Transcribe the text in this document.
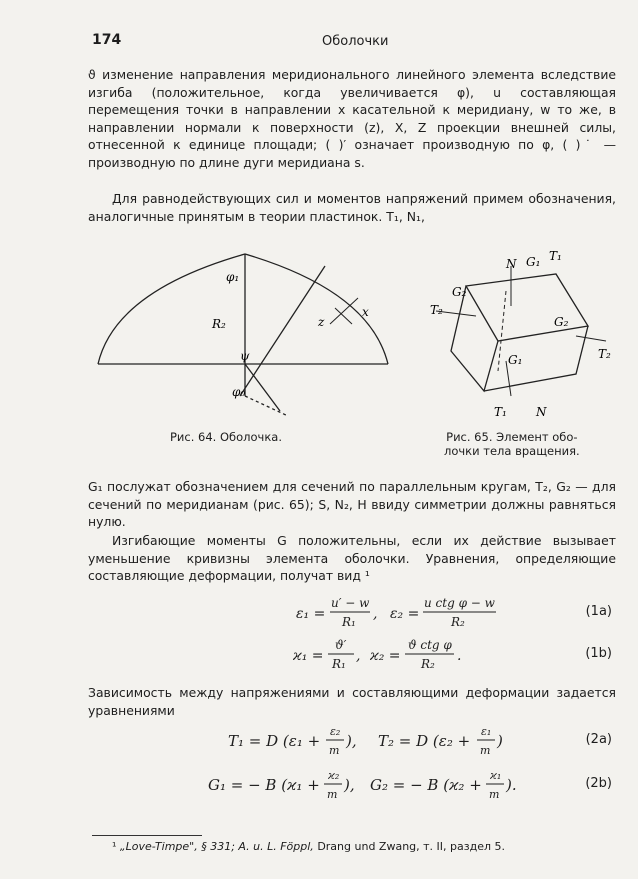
174	Оболочки

ϑ изменение направления меридионального линейного элемента вследствие изгиба (положительное, когда увеличивается φ), u составляющая перемещения точки в направлении x касательной к меридиану, w то же, в направлении нормали к поверхности (z), X, Z проекции внешней силы, отнесенной к единице площади; ( )′ означает производную по φ, ( )˙ — производную по длине дуги меридиана s.

Для равнодействующих сил и моментов напряжений примем обозначения, аналогичные принятым в теории пластинок. T₁, N₁,

φ₁
R₂	z
x
ψ
φ₀
Рис. 64. Оболочка.
N G₁ T₁
G₂
T₂
G₂
T₂
G₁
T₁ N
Рис. 65. Элемент обо-
лочки тела вращения.

G₁ послужат обозначением для сечений по параллельным кругам, T₂, G₂ — для сечений по меридианам (рис. 65); S, N₂, H ввиду симметрии должны равняться нулю.

Изгибающие моменты G положительны, если их действие вызывает уменьшение кривизны элемента оболочки. Уравнения, определяющие составляющие деформации, получат вид ¹

ε₁ =
u′ − w
R₁ , ε₂ =
u ctg φ − w
R₂
(1a)
ϰ₁ =
ϑ′
R₁ , ϰ₂ =
ϑ ctg φ
R₂ .	(1b)

Зависимость между напряжениями и составляющими деформации задается уравнениями

T₁ = D (ε₁ +
ε₂
m
), T₂ = D (ε₂ +
ε₁
m
)	(2a)
G₁ = − B (ϰ₁ +
ϰ₂
m
), G₂ = − B (ϰ₂ +
ϰ₁
m
).	(2b)
¹ „Love-Timpe", § 331; A. u. L. Föppl, Drang und Zwang, т. II, раздел 5.
